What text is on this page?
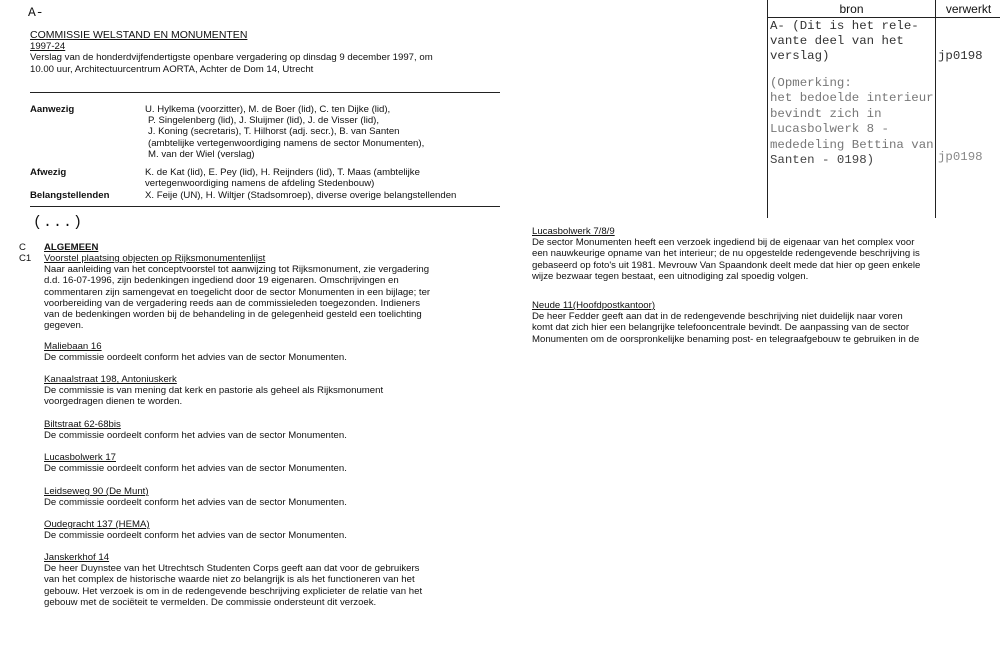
A-
COMMISSIE WELSTAND EN MONUMENTEN
1997-24
Verslag van de honderdvijfendertigste openbare vergadering op dinsdag 9 december 1997, om
10.00 uur, Architectuurcentrum AORTA, Achter de Dom 14, Utrecht
Aanwezig	U. Hylkema (voorzitter), M. de Boer (lid), C. ten Dijke (lid),
P. Singelenberg (lid), J. Sluijmer (lid), J. de Visser (lid),
J. Koning (secretaris), T. Hilhorst (adj. secr.), B. van Santen
(ambtelijke vertegenwoordiging namens de sector Monumenten),
M. van der Wiel (verslag)
Afwezig	K. de Kat (lid), E. Pey (lid), H. Reijnders (lid), T. Maas (ambtelijke
vertegenwoordiging namens de afdeling Stedenbouw)
Belangstellenden	X. Feije (UN), H. Wiltjer (Stadsomroep), diverse overige belangstellenden
(...)
C ALGEMEEN
C1 Voorstel plaatsing objecten op Rijksmonumentenlijst
Naar aanleiding van het conceptvoorstel tot aanwijzing tot Rijksmonument, zie vergadering
d.d. 16-07-1996, zijn bedenkingen ingediend door 19 eigenaren. Omschrijvingen en
commentaren zijn samengevat en toegelicht door de sector Monumenten in een bijlage; ter
voorbereiding van de vergadering reeds aan de commissieleden toegezonden. Indieners
van de bedenkingen worden bij de behandeling in de gelegenheid gesteld een toelichting
gegeven.
Maliebaan 16
De commissie oordeelt conform het advies van de sector Monumenten.
Kanaalstraat 198, Antoniuskerk
De commissie is van mening dat kerk en pastorie als geheel als Rijksmonument
voorgedragen dienen te worden.
Biltstraat 62-68bis
De commissie oordeelt conform het advies van de sector Monumenten.
Lucasbolwerk 17
De commissie oordeelt conform het advies van de sector Monumenten.
Leidseweg 90 (De Munt)
De commissie oordeelt conform het advies van de sector Monumenten.
Oudegracht 137 (HEMA)
De commissie oordeelt conform het advies van de sector Monumenten.
Janskerkhof 14
De heer Duynstee van het Utrechtsch Studenten Corps geeft aan dat voor de gebruikers
van het complex de historische waarde niet zo belangrijk is als het functioneren van het
gebouw. Het verzoek is om in de redengevende beschrijving explicieter de relatie van het
gebouw met de sociëteit te vermelden. De commissie ondersteunt dit verzoek.
Lucasbolwerk 7/8/9
De sector Monumenten heeft een verzoek ingediend bij de eigenaar van het complex voor
een nauwkeurige opname van het interieur; de nu opgestelde redengevende beschrijving is
gebaseerd op foto's uit 1981. Mevrouw Van Spaandonk deelt mede dat hier op geen enkele
wijze bezwaar tegen bestaat, een uitnodiging zal spoedig volgen.
Neude 11(Hoofdpostkantoor)
De heer Fedder geeft aan dat in de redengevende beschrijving niet duidelijk naar voren
komt dat zich hier een belangrijke telefooncentrale bevindt. De aanpassing van de sector
Monumenten om de oorspronkelijke benaming post- en telegraafgebouw te gebruiken in de
bron	verwerkt
A- (Dit is het rele-
vante deel van het
verslag)	jp0198
(Opmerking:
het bedoelde interieur
bevindt zich in
Lucasbolwerk 8 -
mededeling Bettina van
Santen - 0198)	jp0198
